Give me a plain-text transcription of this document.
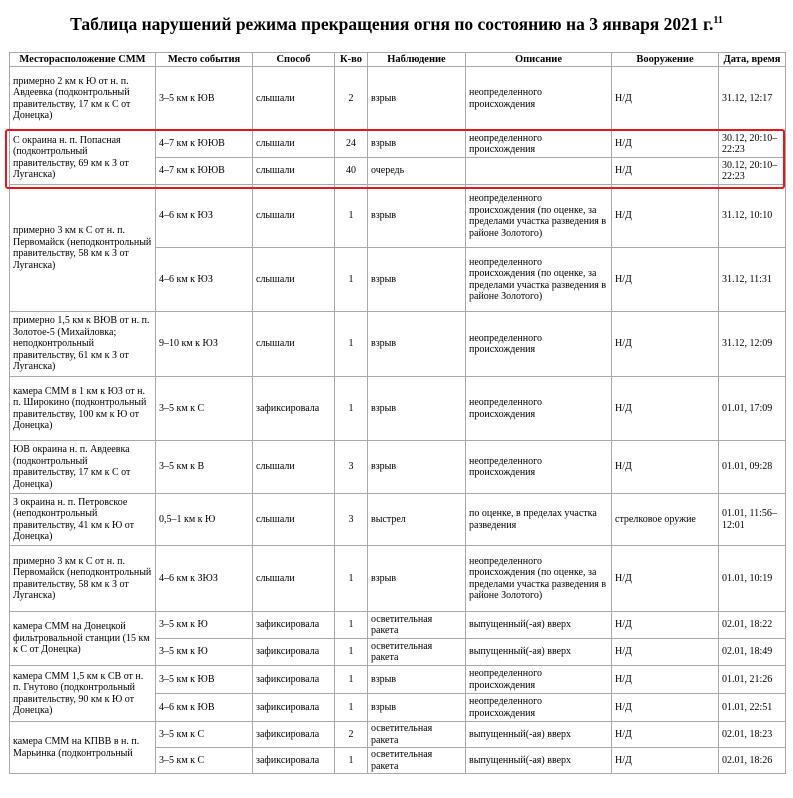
Таблица нарушений режима прекращения огня по состоянию на 3 января 2021 г.$^{11}$
Месторасположение СММ	Место события	Способ	К-во	Наблюдение	Описание	Вооружение	Дата, время
примерно 2 км к Ю от н. п. Авдеевка (подконтрольный правительству, 17 км к С от Донецка)	3–5 км к ЮВ	слышали	2	взрыв	неопределенного происхождения	Н/Д	31.12, 12:17
С окраина н. п. Попасная (подконтрольный правительству, 69 км к З от Луганска)	4–7 км к ЮЮВ	слышали	24	взрыв	неопределенного происхождения	Н/Д	30.12, 20:10–22:23
	4–7 км к ЮЮВ	слышали	40	очередь		Н/Д	30.12, 20:10–22:23
примерно 3 км к С от н. п. Первомайск (неподконтрольный правительству, 58 км к З от Луганска)	4–6 км к ЮЗ	слышали	1	взрыв	неопределенного происхождения (по оценке, за пределами участка разведения в районе Золотого)	Н/Д	31.12, 10:10
	4–6 км к ЮЗ	слышали	1	взрыв	неопределенного происхождения (по оценке, за пределами участка разведения в районе Золотого)	Н/Д	31.12, 11:31
примерно 1,5 км к ВЮВ от н. п. Золотое-5 (Михайловка; неподконтрольный правительству, 61 км к З от Луганска)	9–10 км к ЮЗ	слышали	1	взрыв	неопределенного происхождения	Н/Д	31.12, 12:09
камера СММ в 1 км к ЮЗ от н. п. Широкино (подконтрольный правительству, 100 км к Ю от Донецка)	3–5 км к С	зафиксировала	1	взрыв	неопределенного происхождения	Н/Д	01.01, 17:09
ЮВ окраина н. п. Авдеевка (подконтрольный правительству, 17 км к С от Донецка)	3–5 км к В	слышали	3	взрыв	неопределенного происхождения	Н/Д	01.01, 09:28
З окраина н. п. Петровское (неподконтрольный правительству, 41 км к Ю от Донецка)	0,5–1 км к Ю	слышали	3	выстрел	по оценке, в пределах участка разведения	стрелковое оружие	01.01, 11:56–12:01
примерно 3 км к С от н. п. Первомайск (неподконтрольный правительству, 58 км к З от Луганска)	4–6 км к ЗЮЗ	слышали	1	взрыв	неопределенного происхождения (по оценке, за пределами участка разведения в районе Золотого)	Н/Д	01.01, 10:19
камера СММ на Донецкой фильтровальной станции (15 км к С от Донецка)	3–5 км к Ю	зафиксировала	1	осветительная ракета	выпущенный(-ая) вверх	Н/Д	02.01, 18:22
	3–5 км к Ю	зафиксировала	1	осветительная ракета	выпущенный(-ая) вверх	Н/Д	02.01, 18:49
камера СММ 1,5 км к СВ от н. п. Гнутово (подконтрольный правительству, 90 км к Ю от Донецка)	3–5 км к ЮВ	зафиксировала	1	взрыв	неопределенного происхождения	Н/Д	01.01, 21:26
	4–6 км к ЮВ	зафиксировала	1	взрыв	неопределенного происхождения	Н/Д	01.01, 22:51
камера СММ на КПВВ в н. п. Марьинка (подконтрольный	3–5 км к С	зафиксировала	2	осветительная ракета	выпущенный(-ая) вверх	Н/Д	02.01, 18:23
	3–5 км к С	зафиксировала	1	осветительная ракета	выпущенный(-ая) вверх	Н/Д	02.01, 18:26
